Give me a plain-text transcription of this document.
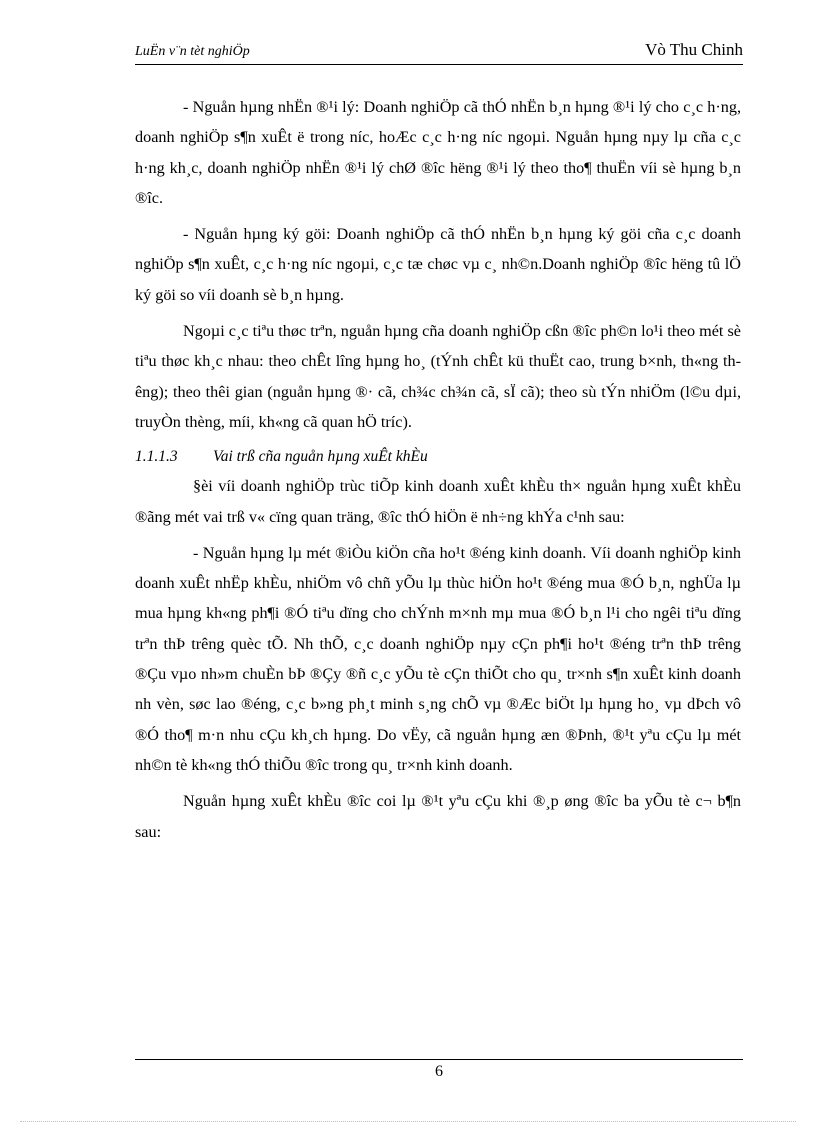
LuËn v¨n tèt nghiÖp	Vò Thu Chinh

- Nguån hµng nhËn ®¹i lý: Doanh nghiÖp cã thÓ nhËn b¸n hµng ®¹i lý cho c¸c h·ng, doanh nghiÖp s¶n xuÊt ë trong níc, hoÆc c¸c h·ng níc ngoµi. Nguån hµng nµy lµ cña c¸c h·ng kh¸c, doanh nghiÖp nhËn ®¹i lý chØ ®îc hëng ®¹i lý theo tho¶ thuËn víi sè hµng b¸n ®îc.

- Nguån hµng ký göi: Doanh nghiÖp cã thÓ nhËn b¸n hµng ký göi cña c¸c doanh nghiÖp s¶n xuÊt, c¸c h·ng níc ngoµi, c¸c tæ chøc vµ c¸ nh©n.Doanh nghiÖp ®îc hëng tû lÖ ký göi so víi doanh sè b¸n hµng.

Ngoµi c¸c tiªu thøc trªn, nguån hµng cña doanh nghiÖp cßn ®îc ph©n lo¹i theo mét sè tiªu thøc kh¸c nhau: theo chÊt lîng hµng ho¸ (tÝnh chÊt kü thuËt cao, trung b×nh, th«ng thêng); theo thêi gian (nguån hµng ®· cã, ch¾c ch¾n cã, sÏ cã); theo sù tÝn nhiÖm (l©u dµi, truyÒn thèng, míi, kh«ng cã quan hÖ tríc).

1.1.1.3 Vai trß cña nguån hµng xuÊt khÈu

§èi víi doanh nghiÖp trùc tiÕp kinh doanh xuÊt khÈu th× nguån hµng xuÊt khÈu ®ãng mét vai trß v« cïng quan träng, ®îc thÓ hiÖn ë nh÷ng khÝa c¹nh sau:

- Nguån hµng lµ mét ®iÒu kiÖn cña ho¹t ®éng kinh doanh. Víi doanh nghiÖp kinh doanh xuÊt nhËp khÈu, nhiÖm vô chñ yÕu lµ thùc hiÖn ho¹t ®éng mua ®Ó b¸n, nghÜa lµ mua hµng kh«ng ph¶i ®Ó tiªu dïng cho chÝnh m×nh mµ mua ®Ó b¸n l¹i cho ngêi tiªu dïng trªn thÞ trêng quèc tÕ. Nh thÕ, c¸c doanh nghiÖp nµy cÇn ph¶i ho¹t ®éng trªn thÞ trêng ®Çu vµo nh»m chuÈn bÞ ®Çy ®ñ c¸c yÕu tè cÇn thiÕt cho qu¸ tr×nh s¶n xuÊt kinh doanh nh vèn, søc lao ®éng, c¸c b»ng ph¸t minh s¸ng chÕ vµ ®Æc biÖt lµ hµng ho¸ vµ dÞch vô ®Ó tho¶ m·n nhu cÇu kh¸ch hµng. Do vËy, cã nguån hµng æn ®Þnh, ®¹t yªu cÇu lµ mét nh©n tè kh«ng thÓ thiÕu ®îc trong qu¸ tr×nh kinh doanh.

Nguån hµng xuÊt khÈu ®îc coi lµ ®¹t yªu cÇu khi ®¸p øng ®îc ba yÕu tè c¬ b¶n sau:

6
